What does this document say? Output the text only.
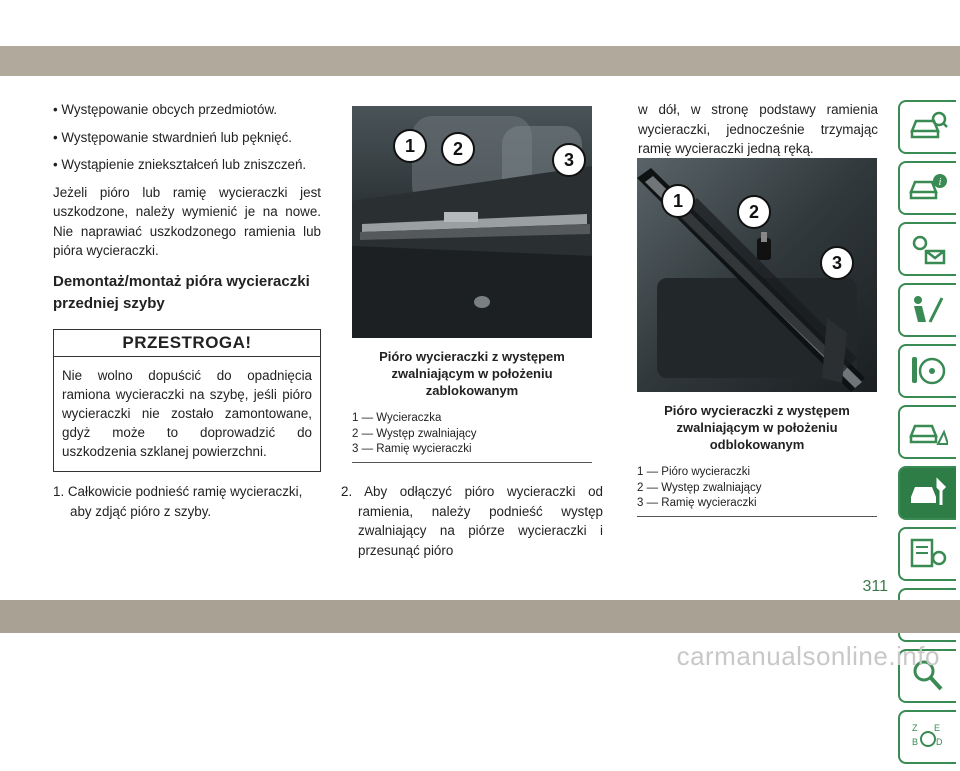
• Występowanie obcych przedmiotów.

• Występowanie stwardnień lub pęknięć.

• Wystąpienie zniekształceń lub zniszczeń.

Jeżeli pióro lub ramię wycieraczki jest uszkodzone, należy wymienić je na nowe. Nie naprawiać uszkodzonego ramienia lub pióra wycieraczki.

Demontaż/montaż pióra wycieraczki przedniej szyby
PRZESTROGA!
Nie wolno dopuścić do opadnięcia ramiona wycieraczki na szybę, jeśli pióro wycieraczki nie zostało zamontowane, gdyż może to doprowadzić do uszkodzenia szklanej powierzchni.

1. Całkowicie podnieść ramię wycieraczki, aby zdjąć pióro z szyby.

1	2
3
Pióro wycieraczki z występem zwalniającym w położeniu zablokowanym
1 — Wycieraczka
2 — Występ zwalniający
3 — Ramię wycieraczki

2. Aby odłączyć pióro wycieraczki od ramienia, należy podnieść występ zwalniający na piórze wycieraczki i przesunąć pióro

w dół, w stronę podstawy ramienia wycieraczki, jednocześnie trzymając ramię wycieraczki jedną ręką.
1
2
3
Pióro wycieraczki z występem zwalniającym w położeniu odblokowanym
1 — Pióro wycieraczki
2 — Występ zwalniający
3 — Ramię wycieraczki
i
Z E
B D
311
carmanualsonline.info
